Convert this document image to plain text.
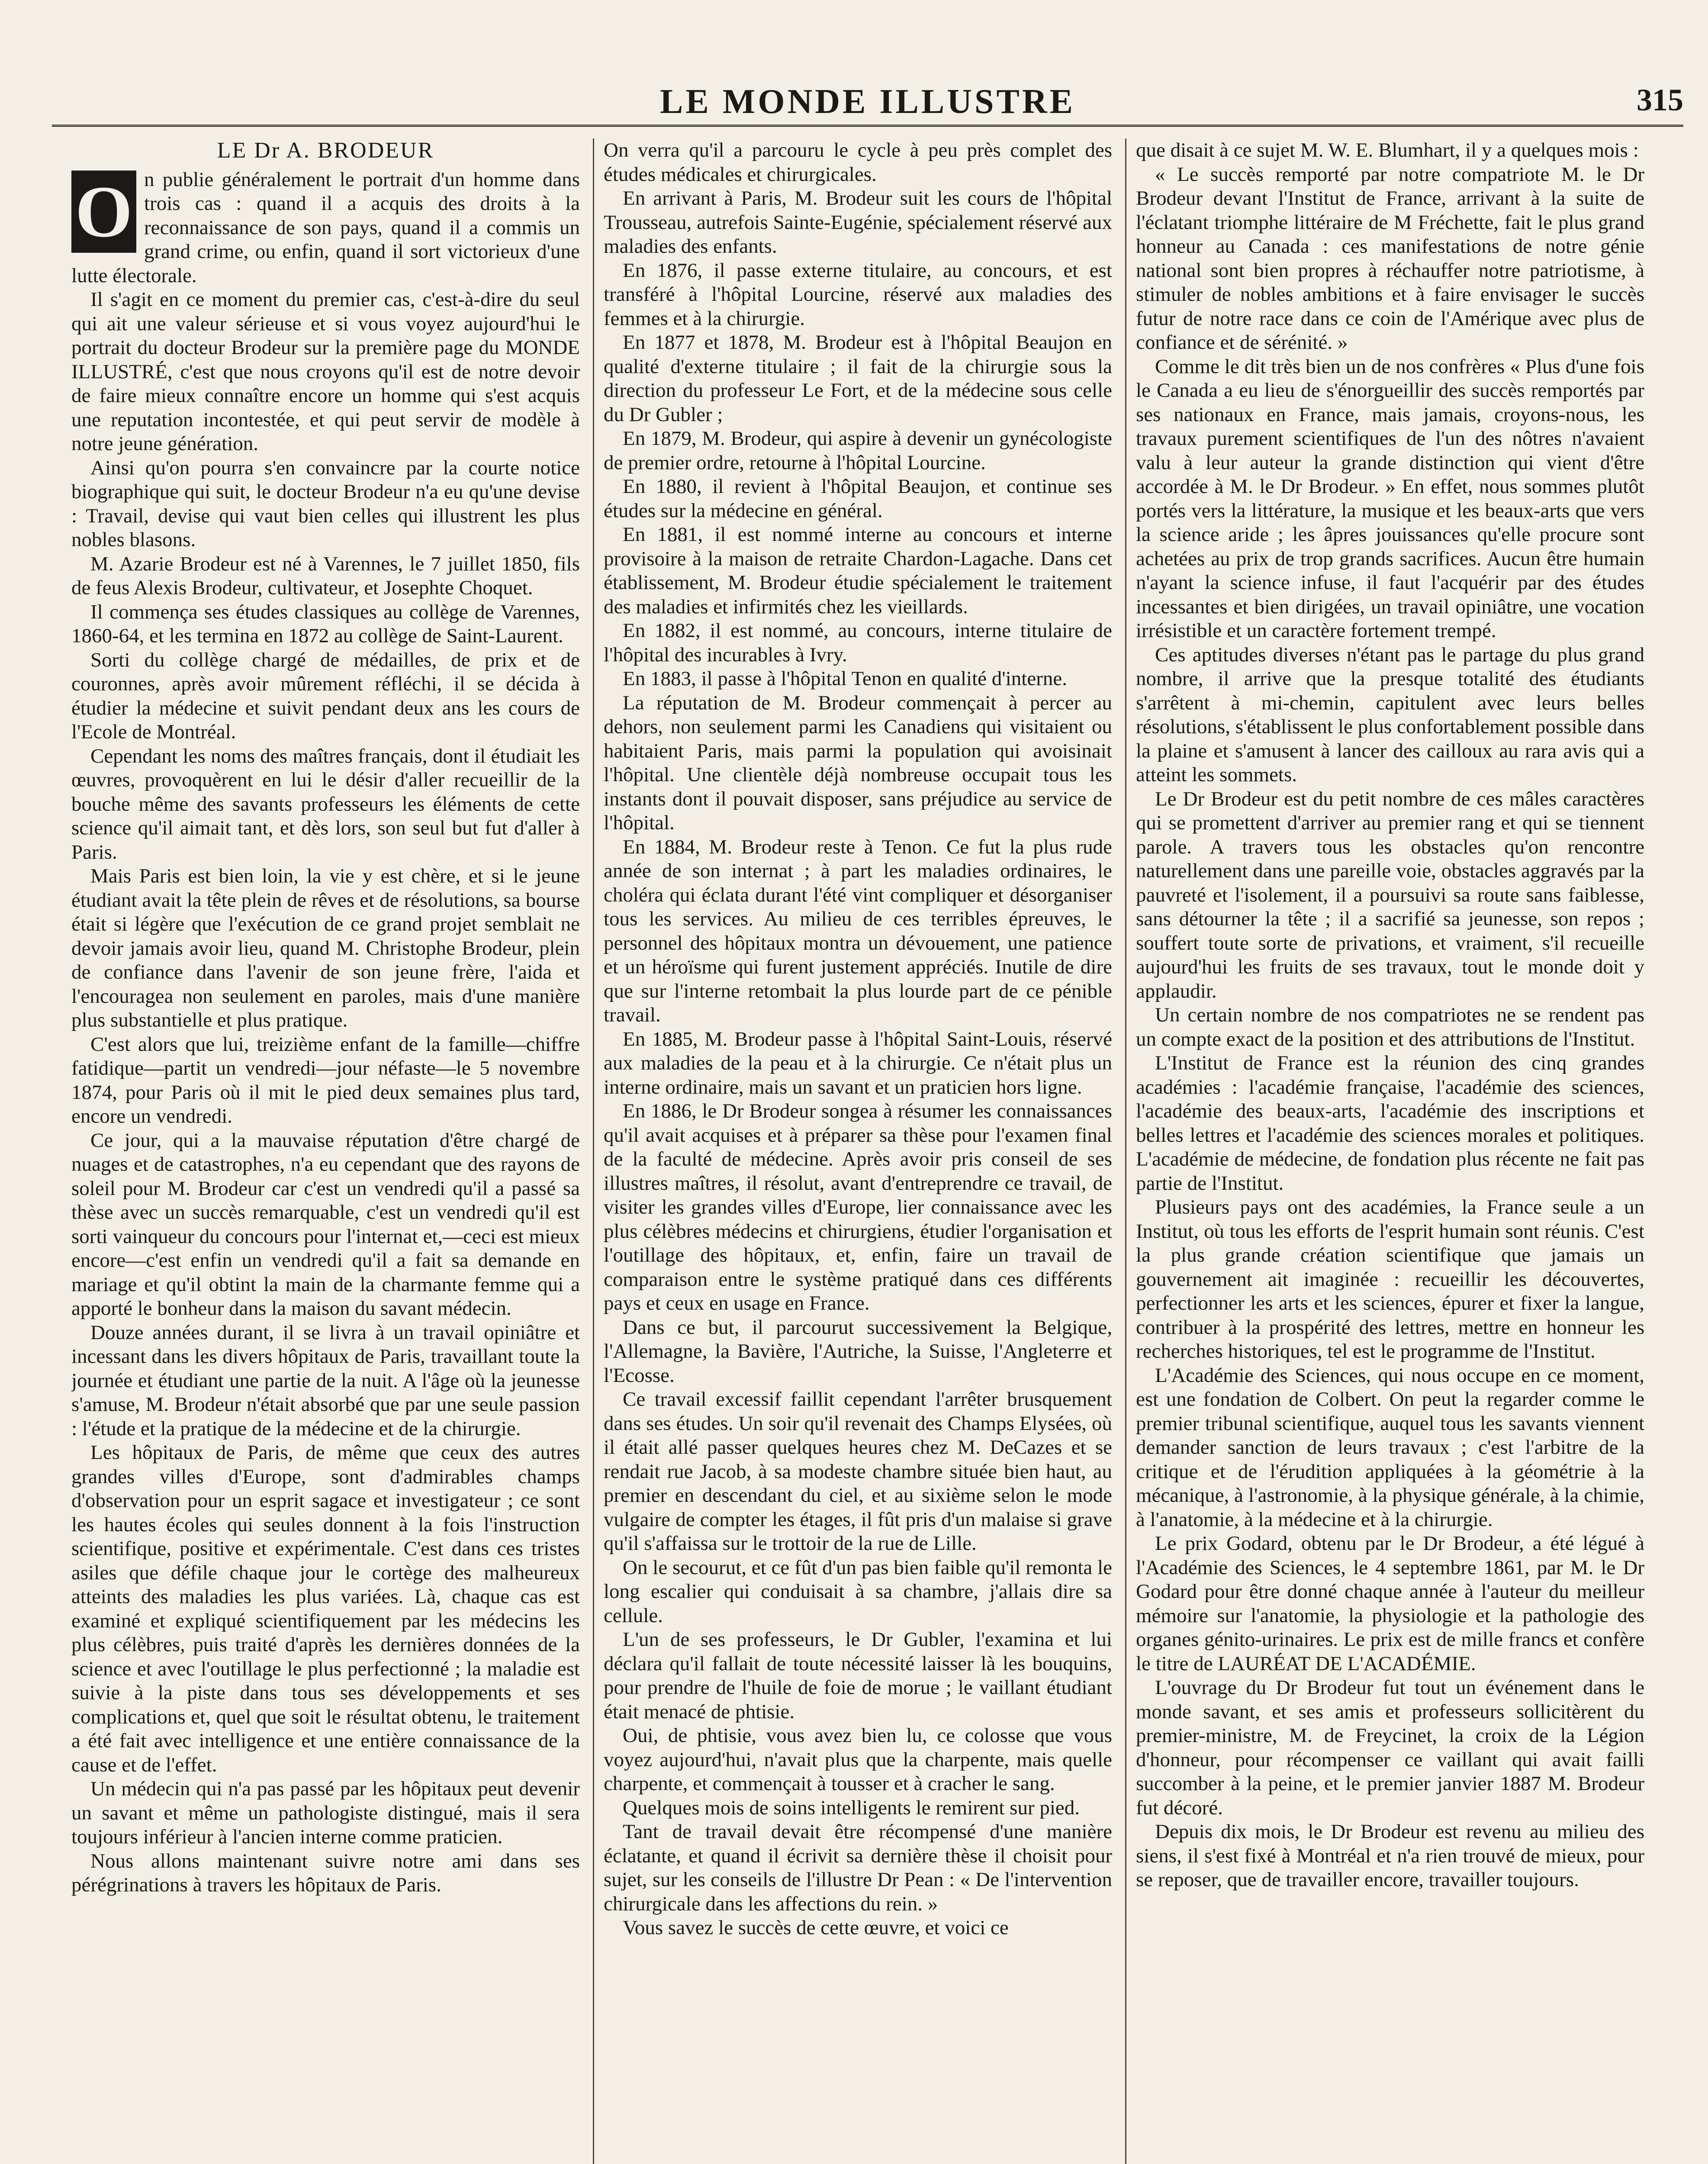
LE MONDE ILLUSTRE	315

LE Dr A. BRODEUR

O n publie généralement le portrait d'un homme dans trois cas : quand il a acquis des droits à la reconnaissance de son pays, quand il a commis un grand crime, ou enfin, quand il sort victorieux d'une lutte électorale.

Il s'agit en ce moment du premier cas, c'est-à-dire du seul qui ait une valeur sérieuse et si vous voyez aujourd'hui le portrait du docteur Brodeur sur la première page du MONDE ILLUSTRÉ, c'est que nous croyons qu'il est de notre devoir de faire mieux connaître encore un homme qui s'est acquis une reputation incontestée, et qui peut servir de modèle à notre jeune génération.

Ainsi qu'on pourra s'en convaincre par la courte notice biographique qui suit, le docteur Brodeur n'a eu qu'une devise : Travail, devise qui vaut bien celles qui illustrent les plus nobles blasons.

M. Azarie Brodeur est né à Varennes, le 7 juillet 1850, fils de feus Alexis Brodeur, cultivateur, et Josephte Choquet.

Il commença ses études classiques au collège de Varennes, 1860-64, et les termina en 1872 au collège de Saint-Laurent.

Sorti du collège chargé de médailles, de prix et de couronnes, après avoir mûrement réfléchi, il se décida à étudier la médecine et suivit pendant deux ans les cours de l'Ecole de Montréal.

Cependant les noms des maîtres français, dont il étudiait les œuvres, provoquèrent en lui le désir d'aller recueillir de la bouche même des savants professeurs les éléments de cette science qu'il aimait tant, et dès lors, son seul but fut d'aller à Paris.

Mais Paris est bien loin, la vie y est chère, et si le jeune étudiant avait la tête plein de rêves et de résolutions, sa bourse était si légère que l'exécution de ce grand projet semblait ne devoir jamais avoir lieu, quand M. Christophe Brodeur, plein de confiance dans l'avenir de son jeune frère, l'aida et l'encouragea non seulement en paroles, mais d'une manière plus substantielle et plus pratique.

C'est alors que lui, treizième enfant de la famille—chiffre fatidique—partit un vendredi—jour néfaste—le 5 novembre 1874, pour Paris où il mit le pied deux semaines plus tard, encore un vendredi.

Ce jour, qui a la mauvaise réputation d'être chargé de nuages et de catastrophes, n'a eu cependant que des rayons de soleil pour M. Brodeur car c'est un vendredi qu'il a passé sa thèse avec un succès remarquable, c'est un vendredi qu'il est sorti vainqueur du concours pour l'internat et,—ceci est mieux encore—c'est enfin un vendredi qu'il a fait sa demande en mariage et qu'il obtint la main de la charmante femme qui a apporté le bonheur dans la maison du savant médecin.

Douze années durant, il se livra à un travail opiniâtre et incessant dans les divers hôpitaux de Paris, travaillant toute la journée et étudiant une partie de la nuit. A l'âge où la jeunesse s'amuse, M. Brodeur n'était absorbé que par une seule passion : l'étude et la pratique de la médecine et de la chirurgie.

Les hôpitaux de Paris, de même que ceux des autres grandes villes d'Europe, sont d'admirables champs d'observation pour un esprit sagace et investigateur ; ce sont les hautes écoles qui seules donnent à la fois l'instruction scientifique, positive et expérimentale. C'est dans ces tristes asiles que défile chaque jour le cortège des malheureux atteints des maladies les plus variées. Là, chaque cas est examiné et expliqué scientifiquement par les médecins les plus célèbres, puis traité d'après les dernières données de la science et avec l'outillage le plus perfectionné ; la maladie est suivie à la piste dans tous ses développements et ses complications et, quel que soit le résultat obtenu, le traitement a été fait avec intelligence et une entière connaissance de la cause et de l'effet.

Un médecin qui n'a pas passé par les hôpitaux peut devenir un savant et même un pathologiste distingué, mais il sera toujours inférieur à l'ancien interne comme praticien.

Nous allons maintenant suivre notre ami dans ses pérégrinations à travers les hôpitaux de Paris.

On verra qu'il a parcouru le cycle à peu près complet des études médicales et chirurgicales.

En arrivant à Paris, M. Brodeur suit les cours de l'hôpital Trousseau, autrefois Sainte-Eugénie, spécialement réservé aux maladies des enfants.

En 1876, il passe externe titulaire, au concours, et est transféré à l'hôpital Lourcine, réservé aux maladies des femmes et à la chirurgie.

En 1877 et 1878, M. Brodeur est à l'hôpital Beaujon en qualité d'externe titulaire ; il fait de la chirurgie sous la direction du professeur Le Fort, et de la médecine sous celle du Dr Gubler ;

En 1879, M. Brodeur, qui aspire à devenir un gynécologiste de premier ordre, retourne à l'hôpital Lourcine.

En 1880, il revient à l'hôpital Beaujon, et continue ses études sur la médecine en général.

En 1881, il est nommé interne au concours et interne provisoire à la maison de retraite Chardon-Lagache. Dans cet établissement, M. Brodeur étudie spécialement le traitement des maladies et infirmités chez les vieillards.

En 1882, il est nommé, au concours, interne titulaire de l'hôpital des incurables à Ivry.

En 1883, il passe à l'hôpital Tenon en qualité d'interne.

La réputation de M. Brodeur commençait à percer au dehors, non seulement parmi les Canadiens qui visitaient ou habitaient Paris, mais parmi la population qui avoisinait l'hôpital. Une clientèle déjà nombreuse occupait tous les instants dont il pouvait disposer, sans préjudice au service de l'hôpital.

En 1884, M. Brodeur reste à Tenon. Ce fut la plus rude année de son internat ; à part les maladies ordinaires, le choléra qui éclata durant l'été vint compliquer et désorganiser tous les services. Au milieu de ces terribles épreuves, le personnel des hôpitaux montra un dévouement, une patience et un héroïsme qui furent justement appréciés. Inutile de dire que sur l'interne retombait la plus lourde part de ce pénible travail.

En 1885, M. Brodeur passe à l'hôpital Saint-Louis, réservé aux maladies de la peau et à la chirurgie. Ce n'était plus un interne ordinaire, mais un savant et un praticien hors ligne.

En 1886, le Dr Brodeur songea à résumer les connaissances qu'il avait acquises et à préparer sa thèse pour l'examen final de la faculté de médecine. Après avoir pris conseil de ses illustres maîtres, il résolut, avant d'entreprendre ce travail, de visiter les grandes villes d'Europe, lier connaissance avec les plus célèbres médecins et chirurgiens, étudier l'organisation et l'outillage des hôpitaux, et, enfin, faire un travail de comparaison entre le système pratiqué dans ces différents pays et ceux en usage en France.

Dans ce but, il parcourut successivement la Belgique, l'Allemagne, la Bavière, l'Autriche, la Suisse, l'Angleterre et l'Ecosse.

Ce travail excessif faillit cependant l'arrêter brusquement dans ses études. Un soir qu'il revenait des Champs Elysées, où il était allé passer quelques heures chez M. DeCazes et se rendait rue Jacob, à sa modeste chambre située bien haut, au premier en descendant du ciel, et au sixième selon le mode vulgaire de compter les étages, il fût pris d'un malaise si grave qu'il s'affaissa sur le trottoir de la rue de Lille.

On le secourut, et ce fût d'un pas bien faible qu'il remonta le long escalier qui conduisait à sa chambre, j'allais dire sa cellule.

L'un de ses professeurs, le Dr Gubler, l'examina et lui déclara qu'il fallait de toute nécessité laisser là les bouquins, pour prendre de l'huile de foie de morue ; le vaillant étudiant était menacé de phtisie.

Oui, de phtisie, vous avez bien lu, ce colosse que vous voyez aujourd'hui, n'avait plus que la charpente, mais quelle charpente, et commençait à tousser et à cracher le sang.

Quelques mois de soins intelligents le remirent sur pied.

Tant de travail devait être récompensé d'une manière éclatante, et quand il écrivit sa dernière thèse il choisit pour sujet, sur les conseils de l'illustre Dr Pean : « De l'intervention chirurgicale dans les affections du rein. »

Vous savez le succès de cette œuvre, et voici ce

que disait à ce sujet M. W. E. Blumhart, il y a quelques mois :

« Le succès remporté par notre compatriote M. le Dr Brodeur devant l'Institut de France, arrivant à la suite de l'éclatant triomphe littéraire de M Fréchette, fait le plus grand honneur au Canada : ces manifestations de notre génie national sont bien propres à réchauffer notre patriotisme, à stimuler de nobles ambitions et à faire envisager le succès futur de notre race dans ce coin de l'Amérique avec plus de confiance et de sérénité. »

Comme le dit très bien un de nos confrères « Plus d'une fois le Canada a eu lieu de s'énorgueillir des succès remportés par ses nationaux en France, mais jamais, croyons-nous, les travaux purement scientifiques de l'un des nôtres n'avaient valu à leur auteur la grande distinction qui vient d'être accordée à M. le Dr Brodeur. » En effet, nous sommes plutôt portés vers la littérature, la musique et les beaux-arts que vers la science aride ; les âpres jouissances qu'elle procure sont achetées au prix de trop grands sacrifices. Aucun être humain n'ayant la science infuse, il faut l'acquérir par des études incessantes et bien dirigées, un travail opiniâtre, une vocation irrésistible et un caractère fortement trempé.

Ces aptitudes diverses n'étant pas le partage du plus grand nombre, il arrive que la presque totalité des étudiants s'arrêtent à mi-chemin, capitulent avec leurs belles résolutions, s'établissent le plus confortablement possible dans la plaine et s'amusent à lancer des cailloux au rara avis qui a atteint les sommets.

Le Dr Brodeur est du petit nombre de ces mâles caractères qui se promettent d'arriver au premier rang et qui se tiennent parole. A travers tous les obstacles qu'on rencontre naturellement dans une pareille voie, obstacles aggravés par la pauvreté et l'isolement, il a poursuivi sa route sans faiblesse, sans détourner la tête ; il a sacrifié sa jeunesse, son repos ; souffert toute sorte de privations, et vraiment, s'il recueille aujourd'hui les fruits de ses travaux, tout le monde doit y applaudir.

Un certain nombre de nos compatriotes ne se rendent pas un compte exact de la position et des attributions de l'Institut.

L'Institut de France est la réunion des cinq grandes académies : l'académie française, l'académie des sciences, l'académie des beaux-arts, l'académie des inscriptions et belles lettres et l'académie des sciences morales et politiques. L'académie de médecine, de fondation plus récente ne fait pas partie de l'Institut.

Plusieurs pays ont des académies, la France seule a un Institut, où tous les efforts de l'esprit humain sont réunis. C'est la plus grande création scientifique que jamais un gouvernement ait imaginée : recueillir les découvertes, perfectionner les arts et les sciences, épurer et fixer la langue, contribuer à la prospérité des lettres, mettre en honneur les recherches historiques, tel est le programme de l'Institut.

L'Académie des Sciences, qui nous occupe en ce moment, est une fondation de Colbert. On peut la regarder comme le premier tribunal scientifique, auquel tous les savants viennent demander sanction de leurs travaux ; c'est l'arbitre de la critique et de l'érudition appliquées à la géométrie à la mécanique, à l'astronomie, à la physique générale, à la chimie, à l'anatomie, à la médecine et à la chirurgie.

Le prix Godard, obtenu par le Dr Brodeur, a été légué à l'Académie des Sciences, le 4 septembre 1861, par M. le Dr Godard pour être donné chaque année à l'auteur du meilleur mémoire sur l'anatomie, la physiologie et la pathologie des organes génito-urinaires. Le prix est de mille francs et confère le titre de LAURÉAT DE L'ACADÉMIE.

L'ouvrage du Dr Brodeur fut tout un événement dans le monde savant, et ses amis et professeurs sollicitèrent du premier-ministre, M. de Freycinet, la croix de la Légion d'honneur, pour récompenser ce vaillant qui avait failli succomber à la peine, et le premier janvier 1887 M. Brodeur fut décoré.

Depuis dix mois, le Dr Brodeur est revenu au milieu des siens, il s'est fixé à Montréal et n'a rien trouvé de mieux, pour se reposer, que de travailler encore, travailler toujours.
